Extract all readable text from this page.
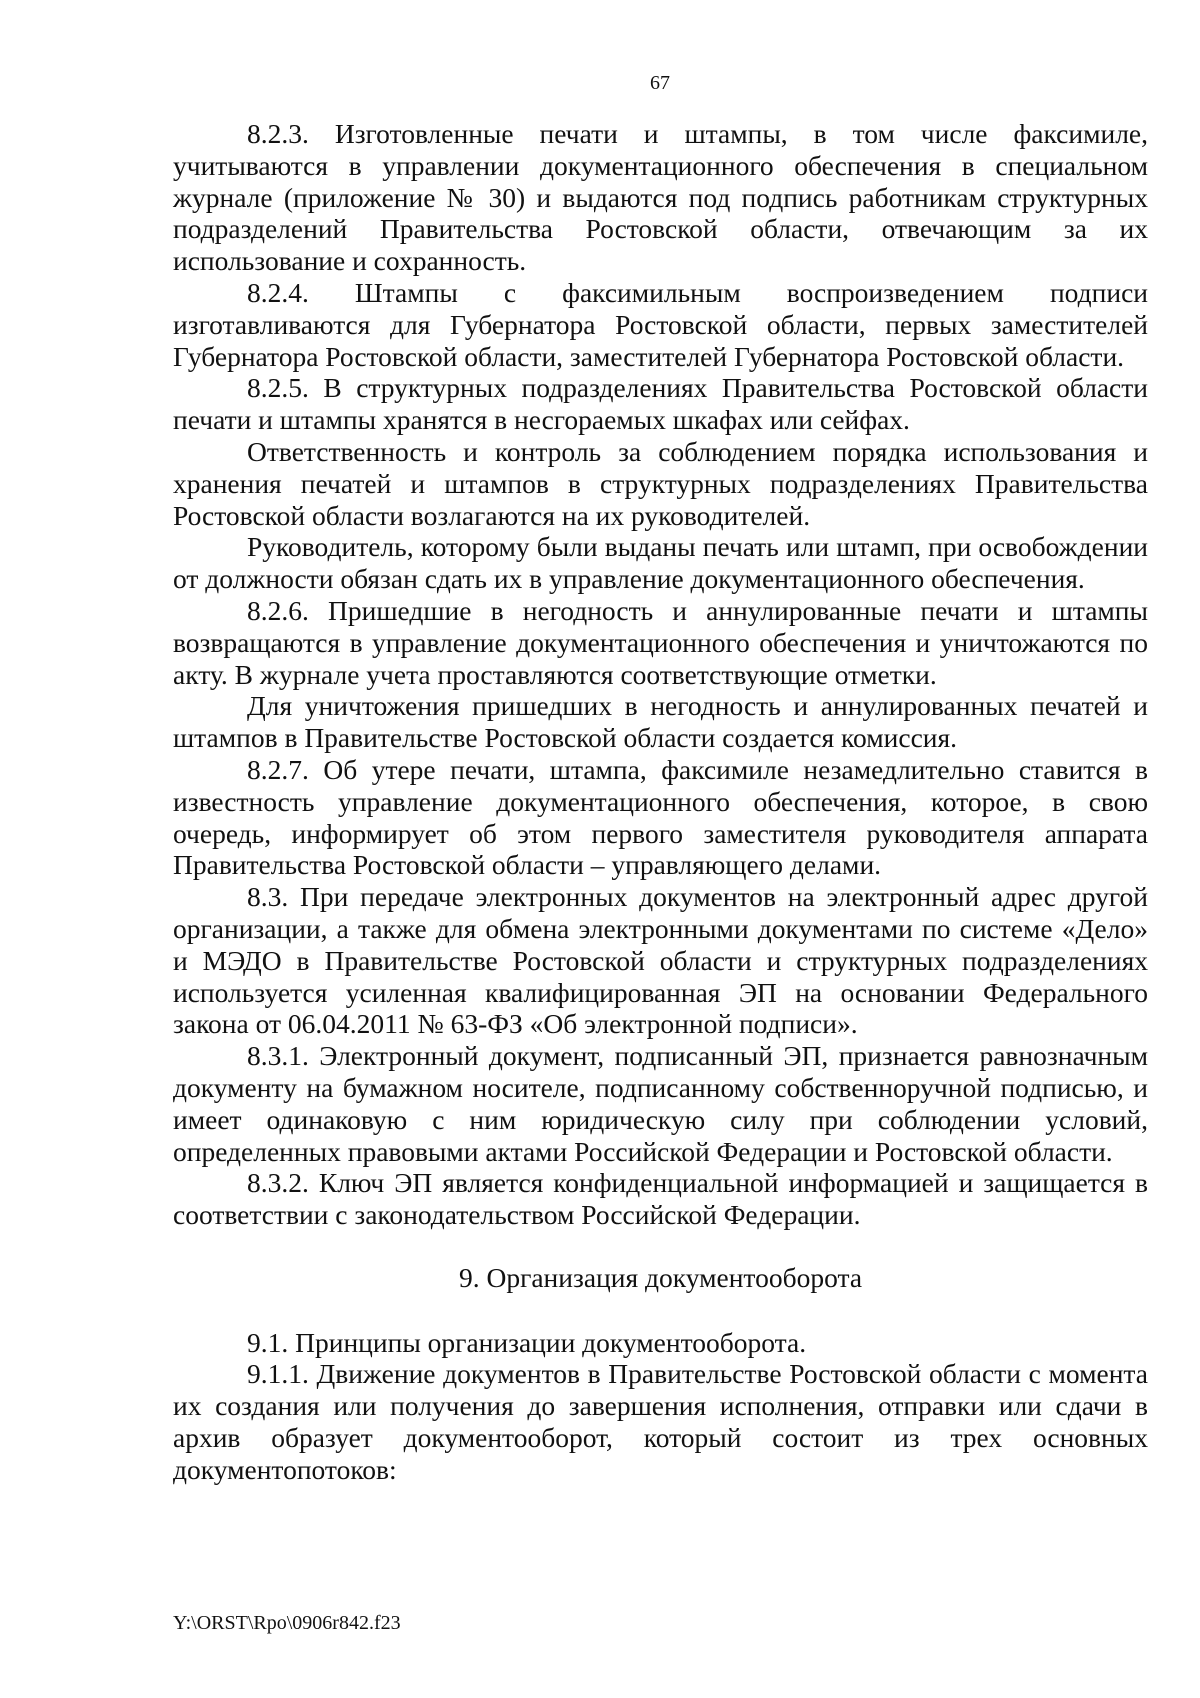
67

8.2.3. Изготовленные печати и штампы, в том числе факсимиле, учитываются в управлении документационного обеспечения в специальном журнале (приложение № 30) и выдаются под подпись работникам структурных подразделений Правительства Ростовской области, отвечающим за их использование и сохранность.

8.2.4. Штампы с факсимильным воспроизведением подписи изготавливаются для Губернатора Ростовской области, первых заместителей Губернатора Ростовской области, заместителей Губернатора Ростовской области.

8.2.5. В структурных подразделениях Правительства Ростовской области печати и штампы хранятся в несгораемых шкафах или сейфах.

Ответственность и контроль за соблюдением порядка использования и хранения печатей и штампов в структурных подразделениях Правительства Ростовской области возлагаются на их руководителей.

Руководитель, которому были выданы печать или штамп, при освобождении от должности обязан сдать их в управление документационного обеспечения.

8.2.6. Пришедшие в негодность и аннулированные печати и штампы возвращаются в управление документационного обеспечения и уничтожаются по акту. В журнале учета проставляются соответствующие отметки.

Для уничтожения пришедших в негодность и аннулированных печатей и штампов в Правительстве Ростовской области создается комиссия.

8.2.7. Об утере печати, штампа, факсимиле незамедлительно ставится в известность управление документационного обеспечения, которое, в свою очередь, информирует об этом первого заместителя руководителя аппарата Правительства Ростовской области – управляющего делами.

8.3. При передаче электронных документов на электронный адрес другой организации, а также для обмена электронными документами по системе «Дело» и МЭДО в Правительстве Ростовской области и структурных подразделениях используется усиленная квалифицированная ЭП на основании Федерального закона от 06.04.2011 № 63-ФЗ «Об электронной подписи».

8.3.1. Электронный документ, подписанный ЭП, признается равнозначным документу на бумажном носителе, подписанному собственноручной подписью, и имеет одинаковую с ним юридическую силу при соблюдении условий, определенных правовыми актами Российской Федерации и Ростовской области.

8.3.2. Ключ ЭП является конфиденциальной информацией и защищается в соответствии с законодательством Российской Федерации.

9. Организация документооборота

9.1. Принципы организации документооборота.

9.1.1. Движение документов в Правительстве Ростовской области с момента их создания или получения до завершения исполнения, отправки или сдачи в архив образует документооборот, который состоит из трех основных документопотоков:

Y:\ORST\Rpo\0906r842.f23
